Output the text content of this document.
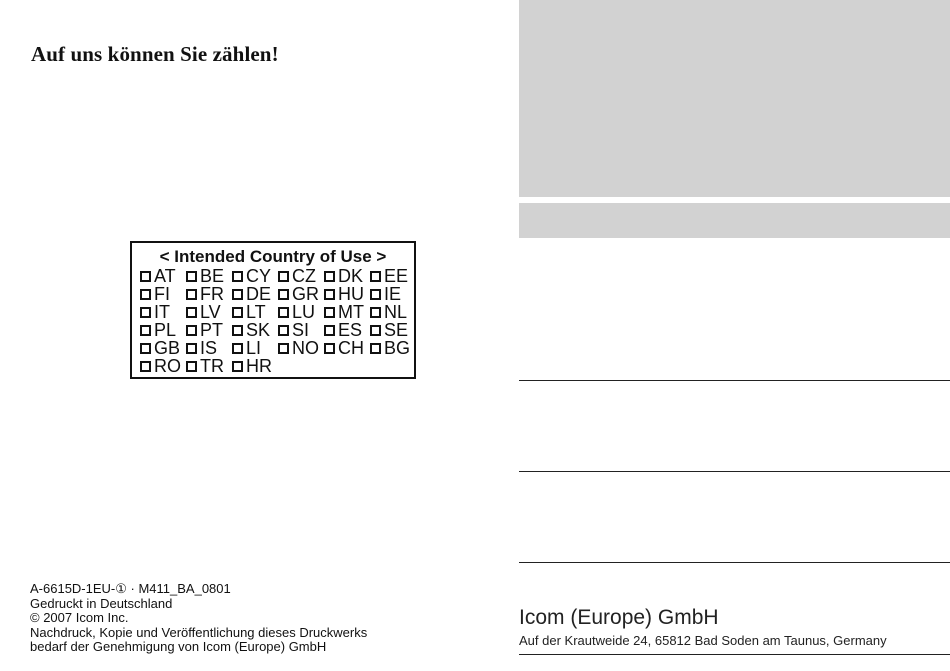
Auf uns können Sie zählen!
< Intended Country of Use >
AT BE CY CZ DK EE
FI FR DE GR HU IE
IT LV LT LU MT NL
PL PT SK SI ES SE
GB IS LI NO CH BG
RO TR HR
A-6615D-1EU-① · M411_BA_0801
Gedruckt in Deutschland
© 2007 Icom Inc.
Nachdruck, Kopie und Veröffentlichung dieses Druckwerks
bedarf der Genehmigung von Icom (Europe) GmbH
Icom (Europe) GmbH
Auf der Krautweide 24, 65812 Bad Soden am Taunus, Germany
